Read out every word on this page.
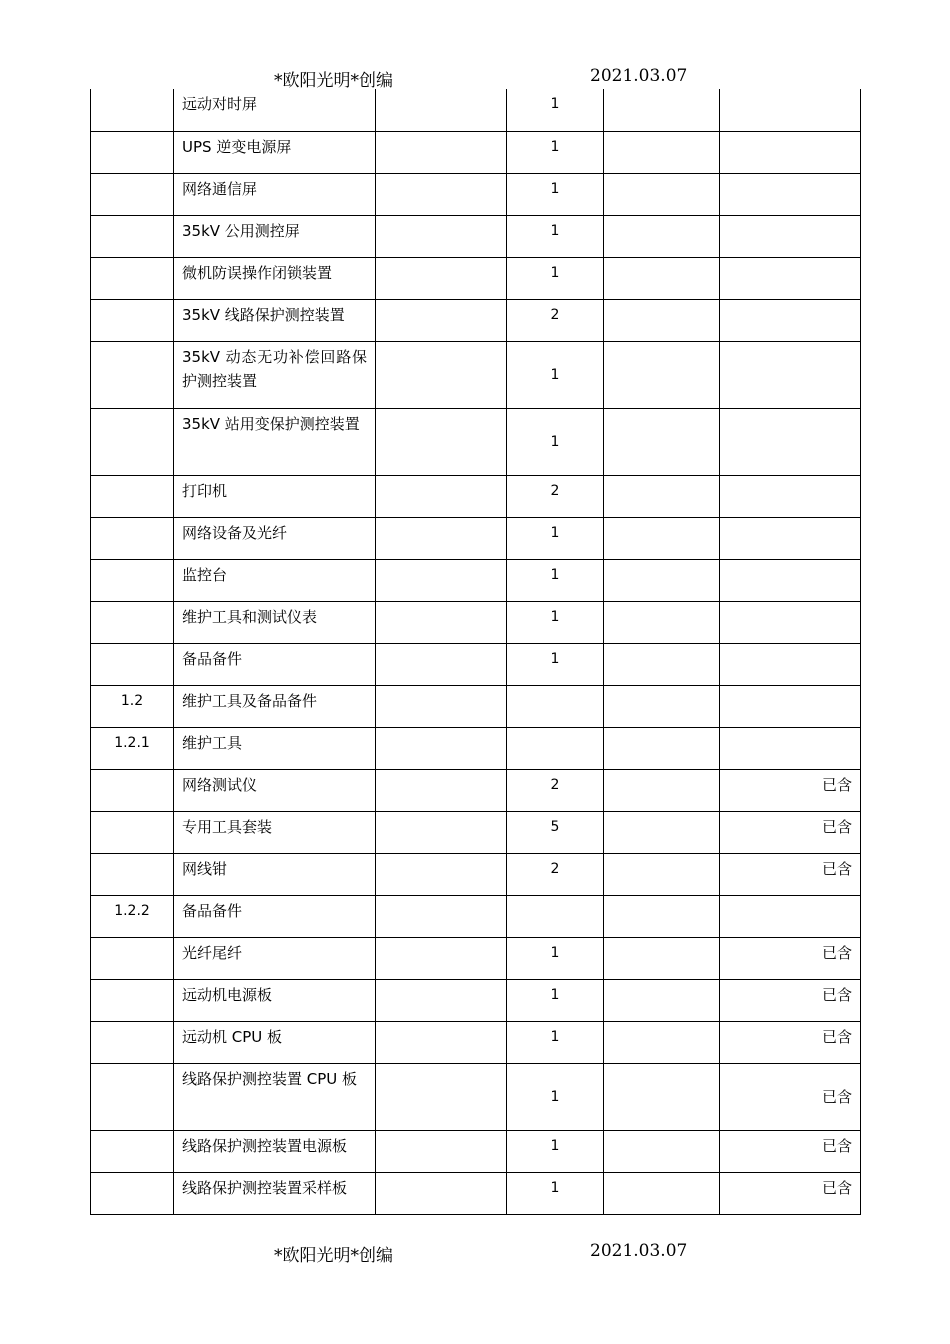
*欧阳光明*创编	2021.03.07
	远动对时屏		1		
	UPS 逆变电源屏		1		
	网络通信屏		1		
	35kV 公用测控屏		1		
	微机防误操作闭锁装置		1		
	35kV 线路保护测控装置		2		
	35kV 动态无功补偿回路保护测控装置		1		
	35kV 站用变保护测控装置		1		
	打印机		2		
	网络设备及光纤		1		
	监控台		1		
	维护工具和测试仪表		1		
	备品备件		1		
1.2	维护工具及备品备件				
1.2.1	维护工具				
	网络测试仪		2		已含
	专用工具套装		5		已含
	网线钳		2		已含
1.2.2	备品备件				
	光纤尾纤		1		已含
	远动机电源板		1		已含
	远动机 CPU 板		1		已含
	线路保护测控装置 CPU 板		1		已含
	线路保护测控装置电源板		1		已含
	线路保护测控装置采样板		1		已含
*欧阳光明*创编	2021.03.07
